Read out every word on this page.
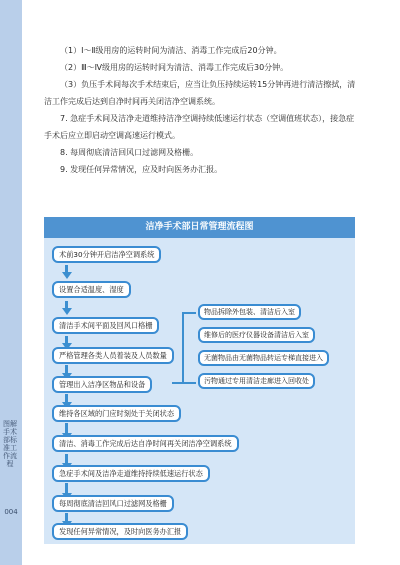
图解手术部标准工作流程
004

（1）Ⅰ～Ⅱ级用房的运转时间为清洁、消毒工作完成后20分钟。

（2）Ⅲ～Ⅳ级用房的运转时间为清洁、消毒工作完成后30分钟。

（3）负压手术间每次手术结束后，应当让负压持续运转15分钟再进行清洁擦拭，清洁工作完成后达到自净时间再关闭洁净空调系统。

7. 急症手术间及洁净走道维持洁净空调持续低速运行状态（空调值班状态），接急症手术后应立即启动空调高速运行模式。

8. 每周彻底清洁回风口过滤网及格栅。

9. 发现任何异常情况，应及时向医务办汇报。

洁净手术部日常管理流程图
术前30分钟开启洁净空调系统
设置合适温度、湿度
清洁手术间平面及回风口格栅
严格管理各类人员着装及人员数量
管理出入洁净区物品和设备
维持各区域的门应时刻处于关闭状态
清洁、消毒工作完成后达自净时间再关闭洁净空调系统
急症手术间及洁净走道维持持续低速运行状态
每周彻底清洁回风口过滤网及格栅
发现任何异常情况，及时向医务办汇报
物品拆除外包装、清洁后入室
维修后的医疗仪器设备清洁后入室
无菌物品由无菌物品转运专梯直接进入
污物通过专用清洁走廊进入回收处
